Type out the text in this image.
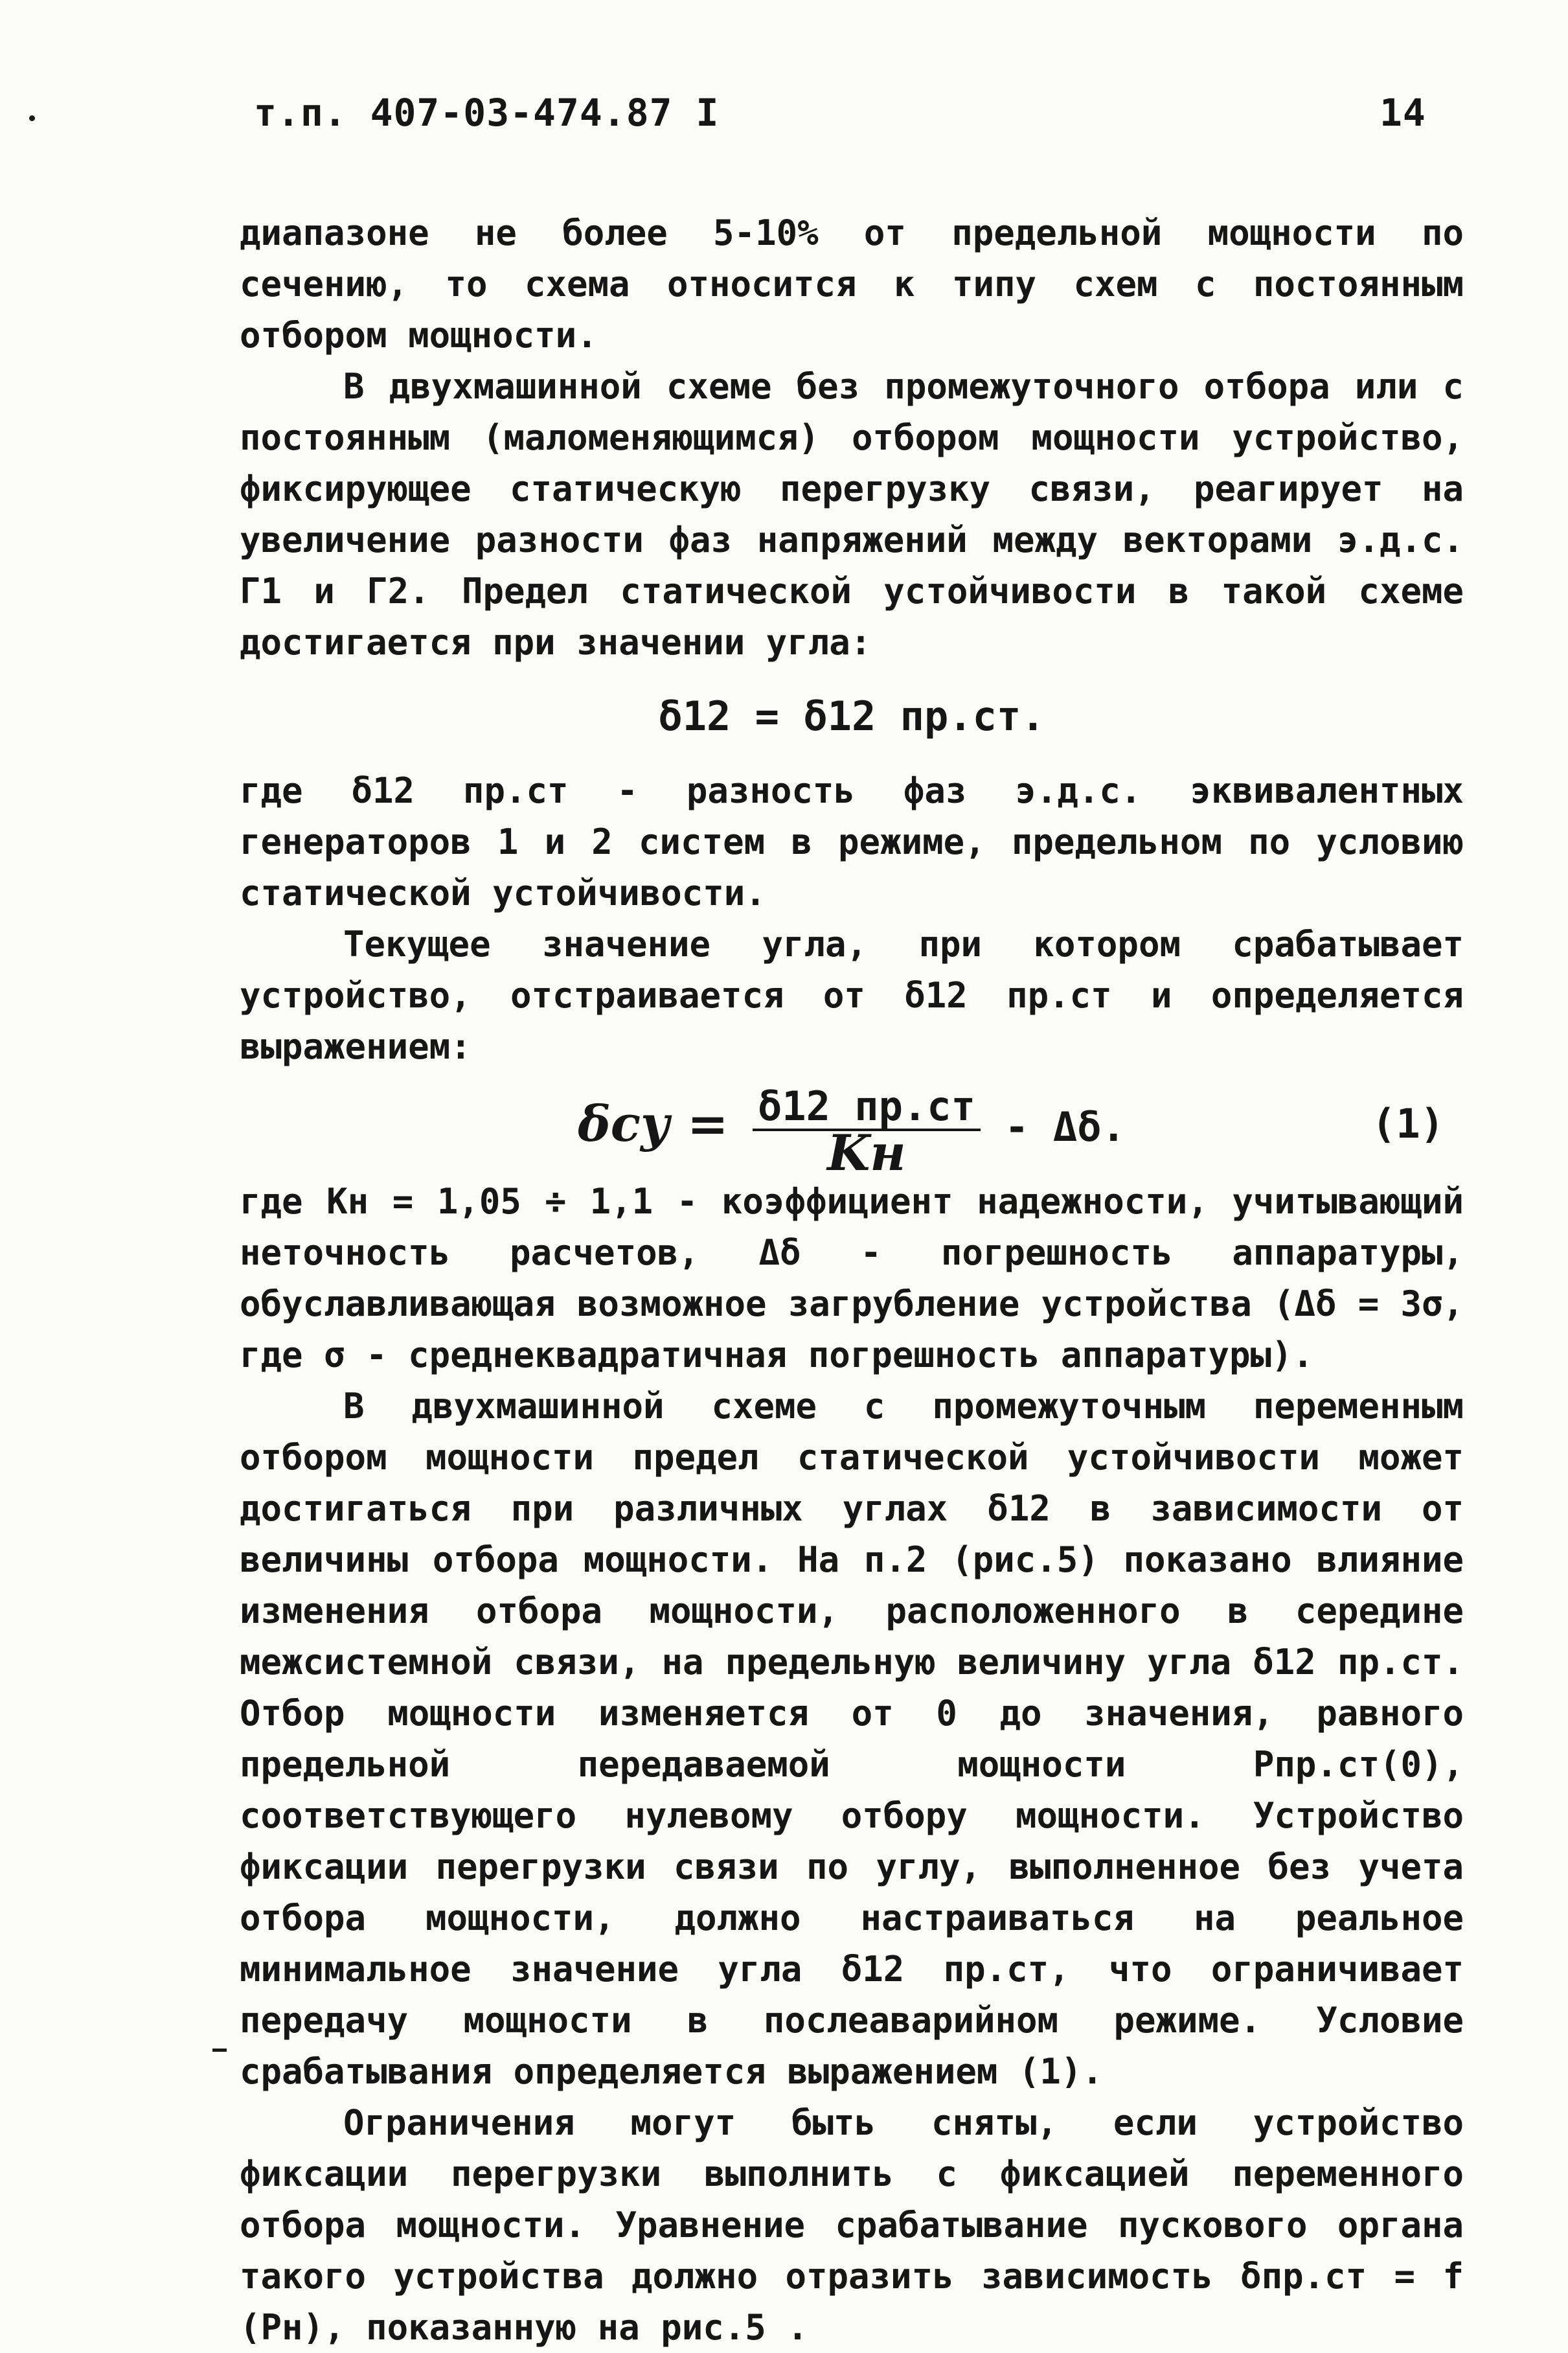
т.п. 407-03-474.87 I	14

диапазоне не более 5-10% от предельной мощности по сечению, то схема относится к типу схем с постоянным отбором мощности.

В двухмашинной схеме без промежуточного отбора или с постоянным (маломеняющимся) отбором мощности устройство, фиксирующее статическую перегрузку связи, реагирует на увеличение разности фаз напряжений между векторами э.д.с. Г1 и Г2. Предел статической устойчивости в такой схеме достигается при значении угла:

δ12 = δ12 пр.ст.

где δ12 пр.ст - разность фаз э.д.с. эквивалентных генераторов 1 и 2 систем в режиме, предельном по условию статической устойчивости.

Текущее значение угла, при котором срабатывает устройство, отстраивается от δ12 пр.ст и определяется выражением:

$\delta су = \frac{\delta 12 пр.ст}{Kн} - \Delta\delta$.	(1)

где Kн = 1,05 ÷ 1,1 - коэффициент надежности, учитывающий неточность расчетов, Δδ - погрешность аппаратуры, обуславливающая возможное загрубление устройства (Δδ = 3σ, где σ - среднеквадратичная погрешность аппаратуры).

В двухмашинной схеме с промежуточным переменным отбором мощности предел статической устойчивости может достигаться при различных углах δ12 в зависимости от величины отбора мощности. На п.2 (рис.5) показано влияние изменения отбора мощности, расположенного в середине межсистемной связи, на предельную величину угла δ12 пр.ст. Отбор мощности изменяется от 0 до значения, равного предельной передаваемой мощности Pпр.ст(0), соответствующего нулевому отбору мощности. Устройство фиксации перегрузки связи по углу, выполненное без учета отбора мощности, должно настраиваться на реальное минимальное значение угла δ12 пр.ст, что ограничивает передачу мощности в послеаварийном режиме. Условие срабатывания определяется выражением (1).

Ограничения могут быть сняты, если устройство фиксации перегрузки выполнить с фиксацией переменного отбора мощности. Уравнение срабатывание пускового органа такого устройства должно отразить зависимость δпр.ст = f (Pн), показанную на рис.5 .
